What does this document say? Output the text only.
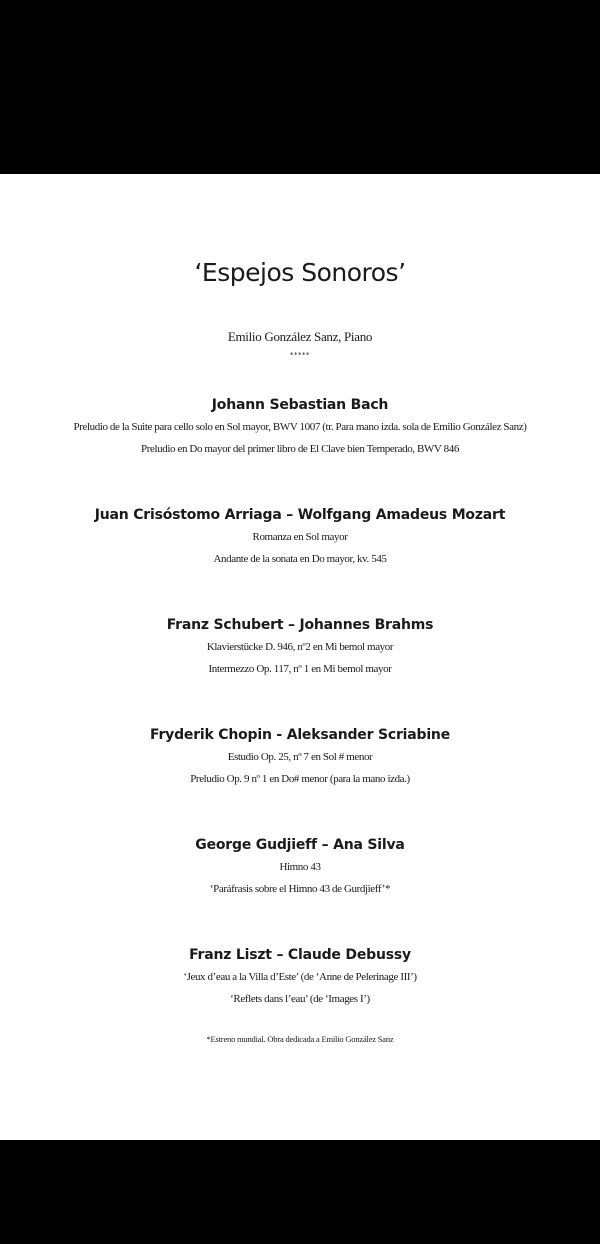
‘Espejos Sonoros’
Emilio González Sanz, Piano
*****
Johann Sebastian Bach
Preludio de la Suite para cello solo en Sol mayor, BWV 1007 (tr. Para mano izda. sola de Emilio González Sanz)
Preludio en Do mayor del primer libro de El Clave bien Temperado, BWV 846
Juan Crisóstomo Arriaga – Wolfgang Amadeus Mozart
Romanza en Sol mayor
Andante de la sonata en Do mayor, kv. 545
Franz Schubert – Johannes Brahms
Klavierstücke D. 946, nº2 en Mi bemol mayor
Intermezzo Op. 117, nº 1 en Mi bemol mayor
Fryderik Chopin - Aleksander Scriabine
Estudio Op. 25, nº 7 en Sol # menor
Preludio Op. 9 nº 1 en Do# menor (para la mano izda.)
George Gudjieff – Ana Silva
Himno 43
‘Paráfrasis sobre el Himno 43 de Gurdjieff’*
Franz Liszt – Claude Debussy
‘Jeux d’eau a la Villa d’Este’ (de ‘Anne de Pelerinage III’)
‘Reflets dans l’eau’ (de ‘Images I’)
*Estreno mundial. Obra dedicada a Emilio González Sanz
